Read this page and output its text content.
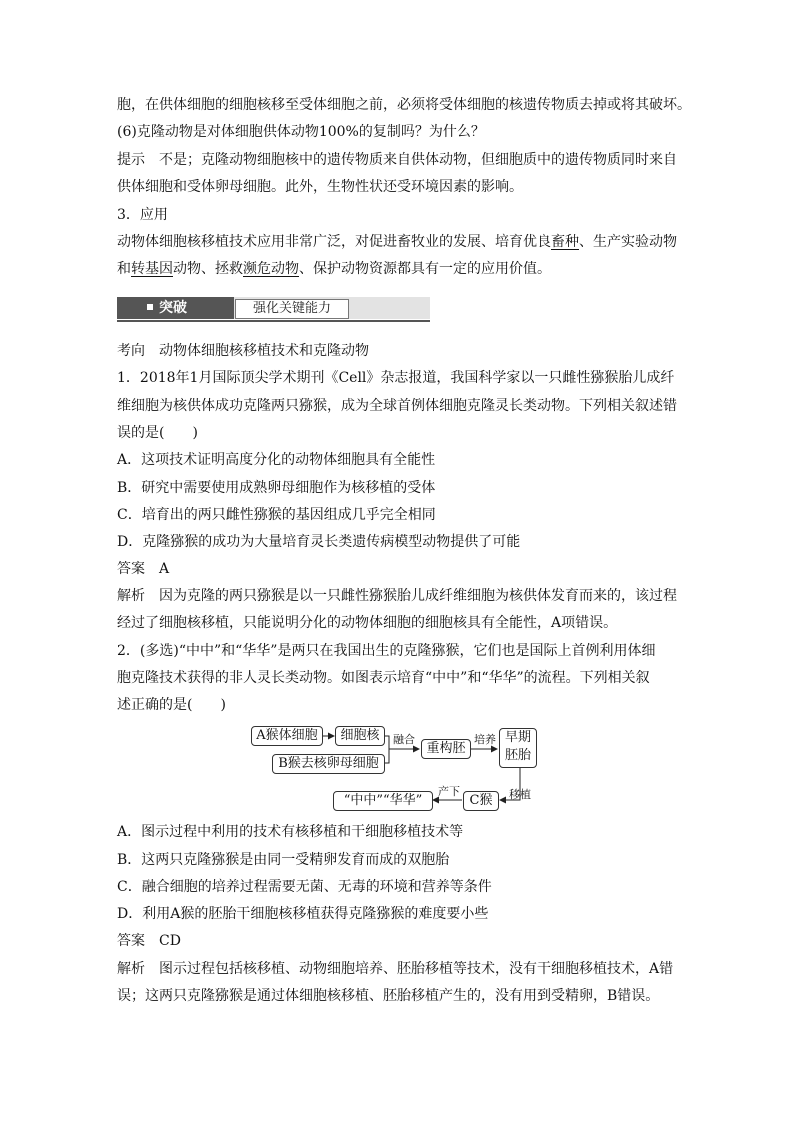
胞，在供体细胞的细胞核移至受体细胞之前，必须将受体细胞的核遗传物质去掉或将其破坏。
(6)克隆动物是对体细胞供体动物100%的复制吗？为什么？
提示　不是；克隆动物细胞核中的遗传物质来自供体动物，但细胞质中的遗传物质同时来自
供体细胞和受体卵母细胞。此外，生物性状还受环境因素的影响。
3．应用
动物体细胞核移植技术应用非常广泛，对促进畜牧业的发展、培育优良畜种、生产实验动物
和转基因动物、拯救濒危动物、保护动物资源都具有一定的应用价值。
突破	强化关键能力
考向　动物体细胞核移植技术和克隆动物
1．2018年1月国际顶尖学术期刊《Cell》杂志报道，我国科学家以一只雌性猕猴胎儿成纤
维细胞为核供体成功克隆两只猕猴，成为全球首例体细胞克隆灵长类动物。下列相关叙述错
误的是(　　)
A．这项技术证明高度分化的动物体细胞具有全能性
B．研究中需要使用成熟卵母细胞作为核移植的受体
C．培育出的两只雌性猕猴的基因组成几乎完全相同
D．克隆猕猴的成功为大量培育灵长类遗传病模型动物提供了可能
答案　A
解析　因为克隆的两只猕猴是以一只雌性猕猴胎儿成纤维细胞为核供体发育而来的，该过程
经过了细胞核移植，只能说明分化的动物体细胞的细胞核具有全能性，A项错误。
2．(多选)“中中”和“华华”是两只在我国出生的克隆猕猴，它们也是国际上首例利用体细
胞克隆技术获得的非人灵长类动物。如图表示培育“中中”和“华华”的流程。下列相关叙
述正确的是(　　)
A猴体细胞	细胞核
B猴去核卵母细胞
重构胚
早期
胚胎
C猴
“中中”“华华”
融合	培养
移植
产下
A．图示过程中利用的技术有核移植和干细胞移植技术等
B．这两只克隆猕猴是由同一受精卵发育而成的双胞胎
C．融合细胞的培养过程需要无菌、无毒的环境和营养等条件
D．利用A猴的胚胎干细胞核移植获得克隆猕猴的难度要小些
答案　CD
解析　图示过程包括核移植、动物细胞培养、胚胎移植等技术，没有干细胞移植技术，A错
误；这两只克隆猕猴是通过体细胞核移植、胚胎移植产生的，没有用到受精卵，B错误。
